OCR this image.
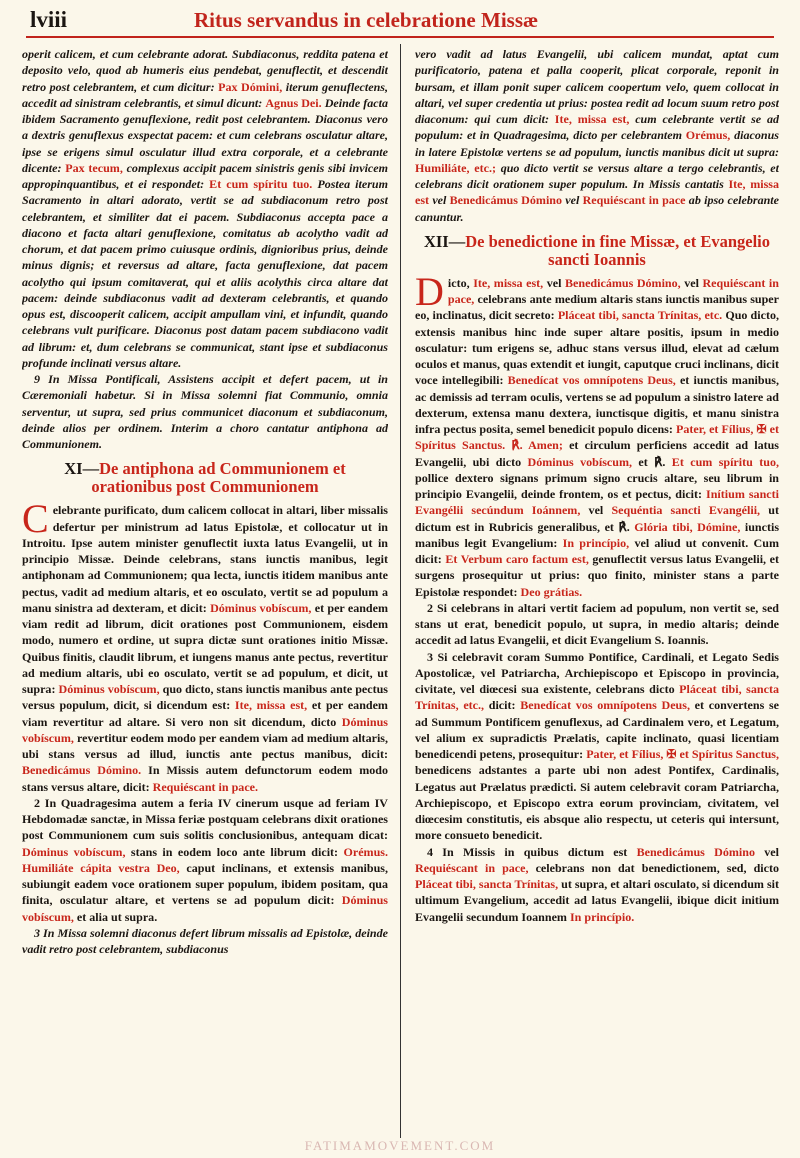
lviii	Ritus servandus in celebratione Missæ

operit calicem, et cum celebrante adorat. Subdiaconus, reddita patena et deposito velo, quod ab humeris eius pendebat, genuflectit, et descendit retro post celebrantem, et cum dicitur: Pax Dómini, iterum genuflectens, accedit ad sinistram celebrantis, et simul dicunt: Agnus Dei. Deinde facta ibidem Sacramento genuflexione, redit post celebrantem. Diaconus vero a dextris genuflexus exspectat pacem: et cum celebrans osculatur altare, ipse se erigens simul osculatur illud extra corporale, et a celebrante dicente: Pax tecum, complexus accipit pacem sinistris genis sibi invicem appropinquantibus, et ei respondet: Et cum spíritu tuo. Postea iterum Sacramento in altari adorato, vertit se ad subdiaconum retro post celebrantem, et similiter dat ei pacem. Subdiaconus accepta pace a diacono et facta altari genuflexione, comitatus ab acolytho vadit ad chorum, et dat pacem primo cuiusque ordinis, dignioribus prius, deinde minus dignis; et reversus ad altare, facta genuflexione, dat pacem acolytho qui ipsum comitaverat, qui et aliis acolythis circa altare dat pacem: deinde subdiaconus vadit ad dexteram celebrantis, et quando opus est, discooperit calicem, accipit ampullam vini, et infundit, quando celebrans vult purificare. Diaconus post datam pacem subdiacono vadit ad librum: et, dum celebrans se communicat, stant ipse et subdiaconus profunde inclinati versus altare.

9 In Missa Pontificali, Assistens accipit et defert pacem, ut in Cæremoniali habetur. Si in Missa solemni fiat Communio, omnia serventur, ut supra, sed prius communicet diaconum et subdiaconum, deinde alios per ordinem. Interim a choro cantatur antiphona ad Communionem.

XI—De antiphona ad Communionem et orationibus post Communionem

Celebrante purificato, dum calicem collocat in altari, liber missalis defertur per ministrum ad latus Epistolæ, et collocatur ut in Introitu. Ipse autem minister genuflectit iuxta latus Evangelii, ut in principio Missæ. Deinde celebrans, stans iunctis manibus, legit antiphonam ad Communionem; qua lecta, iunctis itidem manibus ante pectus, vadit ad medium altaris, et eo osculato, vertit se ad populum a manu sinistra ad dexteram, et dicit: Dóminus vobíscum, et per eandem viam redit ad librum, dicit orationes post Communionem, eisdem modo, numero et ordine, ut supra dictæ sunt orationes initio Missæ. Quibus finitis, claudit librum, et iungens manus ante pectus, revertitur ad medium altaris, ubi eo osculato, vertit se ad populum, et dicit, ut supra: Dóminus vobíscum, quo dicto, stans iunctis manibus ante pectus versus populum, dicit, si dicendum est: Ite, missa est, et per eandem viam revertitur ad altare. Si vero non sit dicendum, dicto Dóminus vobíscum, revertitur eodem modo per eandem viam ad medium altaris, ubi stans versus ad illud, iunctis ante pectus manibus, dicit: Benedicámus Dómino. In Missis autem defunctorum eodem modo stans versus altare, dicit: Requiéscant in pace.

2 In Quadragesima autem a feria IV cinerum usque ad feriam IV Hebdomadæ sanctæ, in Missa feriæ postquam celebrans dixit orationes post Communionem cum suis solitis conclusionibus, antequam dicat: Dóminus vobíscum, stans in eodem loco ante librum dicit: Orémus. Humiliáte cápita vestra Deo, caput inclinans, et extensis manibus, subiungit eadem voce orationem super populum, ibidem positam, qua finita, osculatur altare, et vertens se ad populum dicit: Dóminus vobíscum, et alia ut supra.

3 In Missa solemni diaconus defert librum missalis ad Epistolæ, deinde vadit retro post celebrantem, subdiaconus

vero vadit ad latus Evangelii, ubi calicem mundat, aptat cum purificatorio, patena et palla cooperit, plicat corporale, reponit in bursam, et illam ponit super calicem coopertum velo, quem collocat in altari, vel super credentia ut prius: postea redit ad locum suum retro post diaconum: qui cum dicit: Ite, missa est, cum celebrante vertit se ad populum: et in Quadragesima, dicto per celebrantem Orémus, diaconus in latere Epistolæ vertens se ad populum, iunctis manibus dicit ut supra: Humiliáte, etc.; quo dicto vertit se versus altare a tergo celebrantis, et celebrans dicit orationem super populum. In Missis cantatis Ite, missa est vel Benedicámus Dómino vel Requiéscant in pace ab ipso celebrante canuntur.

XII—De benedictione in fine Missæ, et Evangelio sancti Ioannis

Dicto, Ite, missa est, vel Benedicámus Dómino, vel Requiéscant in pace, celebrans ante medium altaris stans iunctis manibus super eo, inclinatus, dicit secreto: Pláceat tibi, sancta Trínitas, etc. Quo dicto, extensis manibus hinc inde super altare positis, ipsum in medio osculatur: tum erigens se, adhuc stans versus illud, elevat ad cælum oculos et manus, quas extendit et iungit, caputque cruci inclinans, dicit voce intellegibili: Benedícat vos omnípotens Deus, et iunctis manibus, ac demissis ad terram oculis, vertens se ad populum a sinistro latere ad dexterum, extensa manu dextera, iunctisque digitis, et manu sinistra infra pectus posita, semel benedicit populo dicens: Pater, et Fílius, ✠ et Spíritus Sanctus. ℟. Amen; et circulum perficiens accedit ad latus Evangelii, ubi dicto Dóminus vobíscum, et ℟. Et cum spíritu tuo, pollice dextero signans primum signo crucis altare, seu librum in principio Evangelii, deinde frontem, os et pectus, dicit: Inítium sancti Evangélii secúndum Ioánnem, vel Sequéntia sancti Evangélii, ut dictum est in Rubricis generalibus, et ℟. Glória tibi, Dómine, iunctis manibus legit Evangelium: In princípio, vel aliud ut convenit. Cum dicit: Et Verbum caro factum est, genuflectit versus latus Evangelii, et surgens prosequitur ut prius: quo finito, minister stans a parte Epistolæ respondet: Deo grátias.

2 Si celebrans in altari vertit faciem ad populum, non vertit se, sed stans ut erat, benedicit populo, ut supra, in medio altaris; deinde accedit ad latus Evangelii, et dicit Evangelium S. Ioannis.

3 Si celebravit coram Summo Pontifice, Cardinali, et Legato Sedis Apostolicæ, vel Patriarcha, Archiepiscopo et Episcopo in provincia, civitate, vel diœcesi sua existente, celebrans dicto Pláceat tibi, sancta Trínitas, etc., dicit: Benedícat vos omnípotens Deus, et convertens se ad Summum Pontificem genuflexus, ad Cardinalem vero, et Legatum, vel alium ex supradictis Prælatis, capite inclinato, quasi licentiam benedicendi petens, prosequitur: Pater, et Fílius, ✠ et Spíritus Sanctus, benedicens adstantes a parte ubi non adest Pontifex, Cardinalis, Legatus aut Prælatus prædicti. Si autem celebravit coram Patriarcha, Archiepiscopo, et Episcopo extra eorum provinciam, civitatem, vel diœcesim constitutis, eis absque alio respectu, ut ceteris qui intersunt, more consueto benedicit.

4 In Missis in quibus dictum est Benedicámus Dómino vel Requiéscant in pace, celebrans non dat benedictionem, sed, dicto Pláceat tibi, sancta Trínitas, ut supra, et altari osculato, si dicendum sit ultimum Evangelium, accedit ad latus Evangelii, ibique dicit initium Evangelii secundum Ioannem In princípio.

FATIMAMOVEMENT.COM
